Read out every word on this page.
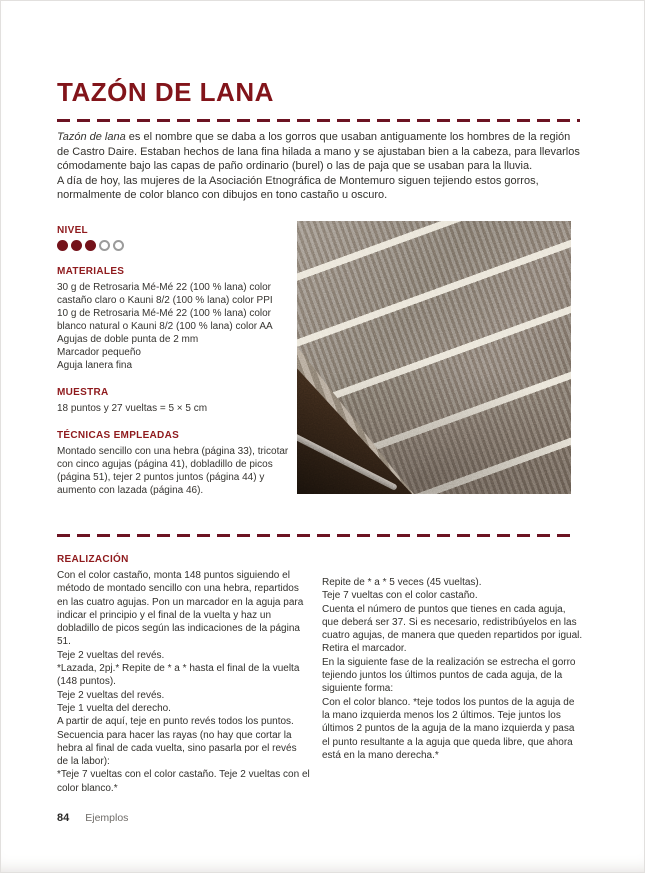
TAZÓN DE LANA
Tazón de lana es el nombre que se daba a los gorros que usaban antiguamente los hombres de la región de Castro Daire. Estaban hechos de lana fina hilada a mano y se ajustaban bien a la cabeza, para llevarlos cómodamente bajo las capas de paño ordinario (burel) o las de paja que se usaban para la lluvia.
A día de hoy, las mujeres de la Asociación Etnográfica de Montemuro siguen tejiendo estos gorros, normalmente de color blanco con dibujos en tono castaño u oscuro.
NIVEL
MATERIALES

30 g de Retrosaria Mé-Mé 22 (100 % lana) color castaño claro o Kauni 8/2 (100 % lana) color PPI

10 g de Retrosaria Mé-Mé 22 (100 % lana) color blanco natural o Kauni 8/2 (100 % lana) color AA

Agujas de doble punta de 2 mm

Marcador pequeño

Aguja lanera fina

MUESTRA

18 puntos y 27 vueltas = 5 × 5 cm

TÉCNICAS EMPLEADAS

Montado sencillo con una hebra (página 33), tricotar con cinco agujas (página 41), dobladillo de picos (página 51), tejer 2 puntos juntos (página 44) y aumento con lazada (página 46).

REALIZACIÓN

Con el color castaño, monta 148 puntos siguiendo el método de montado sencillo con una hebra, repartidos en las cuatro agujas. Pon un marcador en la aguja para indicar el principio y el final de la vuelta y haz un dobladillo de picos según las indicaciones de la página 51.

Teje 2 vueltas del revés.

*Lazada, 2pj.* Repite de * a * hasta el final de la vuelta (148 puntos).

Teje 2 vueltas del revés.

Teje 1 vuelta del derecho.

A partir de aquí, teje en punto revés todos los puntos.

Secuencia para hacer las rayas (no hay que cortar la hebra al final de cada vuelta, sino pasarla por el revés de la labor):

*Teje 7 vueltas con el color castaño. Teje 2 vueltas con el color blanco.*

Repite de * a * 5 veces (45 vueltas).

Teje 7 vueltas con el color castaño.

Cuenta el número de puntos que tienes en cada aguja, que deberá ser 37. Si es necesario, redistribúyelos en las cuatro agujas, de manera que queden repartidos por igual.

Retira el marcador.

En la siguiente fase de la realización se estrecha el gorro tejiendo juntos los últimos puntos de cada aguja, de la siguiente forma:

Con el color blanco. *teje todos los puntos de la aguja de la mano izquierda menos los 2 últimos. Teje juntos los últimos 2 puntos de la aguja de la mano izquierda y pasa el punto resultante a la aguja que queda libre, que ahora está en la mano derecha.*

84 Ejemplos
